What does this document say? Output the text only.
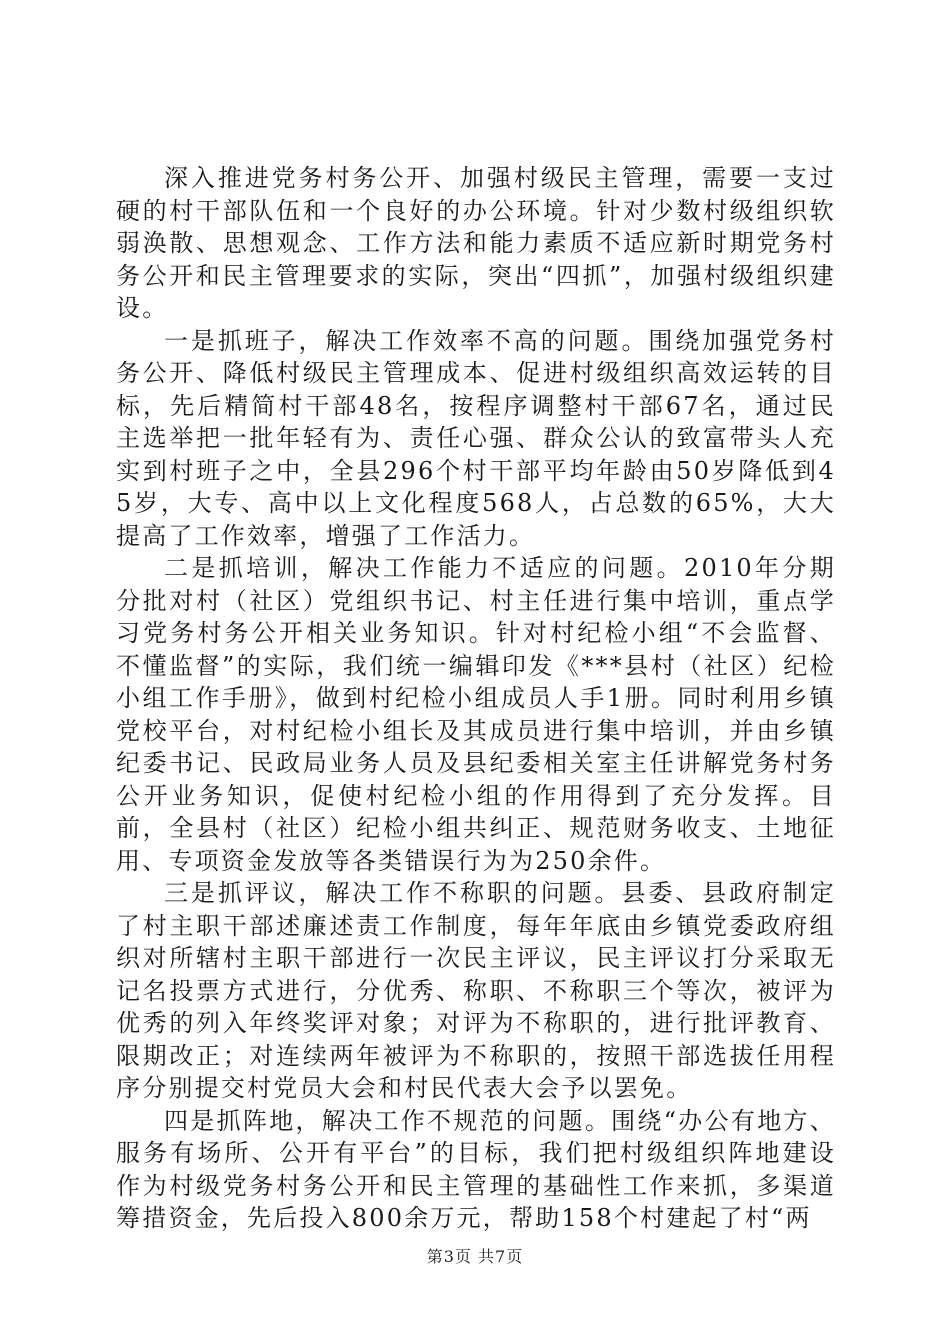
深入推进党务村务公开、加强村级民主管理，需要一支过硬的村干部队伍和一个良好的办公环境。针对少数村级组织软弱涣散、思想观念、工作方法和能力素质不适应新时期党务村务公开和民主管理要求的实际，突出“四抓”，加强村级组织建设。

一是抓班子，解决工作效率不高的问题。围绕加强党务村务公开、降低村级民主管理成本、促进村级组织高效运转的目标，先后精简村干部48名，按程序调整村干部67名，通过民主选举把一批年轻有为、责任心强、群众公认的致富带头人充实到村班子之中，全县296个村干部平均年龄由50岁降低到45岁，大专、高中以上文化程度568人，占总数的65%，大大提高了工作效率，增强了工作活力。

二是抓培训，解决工作能力不适应的问题。2010年分期分批对村（社区）党组织书记、村主任进行集中培训，重点学习党务村务公开相关业务知识。针对村纪检小组“不会监督、不懂监督”的实际，我们统一编辑印发《***县村（社区）纪检小组工作手册》，做到村纪检小组成员人手1册。同时利用乡镇党校平台，对村纪检小组长及其成员进行集中培训，并由乡镇纪委书记、民政局业务人员及县纪委相关室主任讲解党务村务公开业务知识，促使村纪检小组的作用得到了充分发挥。目前，全县村（社区）纪检小组共纠正、规范财务收支、土地征用、专项资金发放等各类错误行为为250余件。

三是抓评议，解决工作不称职的问题。县委、县政府制定了村主职干部述廉述责工作制度，每年年底由乡镇党委政府组织对所辖村主职干部进行一次民主评议，民主评议打分采取无记名投票方式进行，分优秀、称职、不称职三个等次，被评为优秀的列入年终奖评对象；对评为不称职的，进行批评教育、限期改正；对连续两年被评为不称职的，按照干部选拔任用程序分别提交村党员大会和村民代表大会予以罢免。

四是抓阵地，解决工作不规范的问题。围绕“办公有地方、服务有场所、公开有平台”的目标，我们把村级组织阵地建设作为村级党务村务公开和民主管理的基础性工作来抓，多渠道筹措资金，先后投入800余万元，帮助158个村建起了村“两

第3页 共7页
